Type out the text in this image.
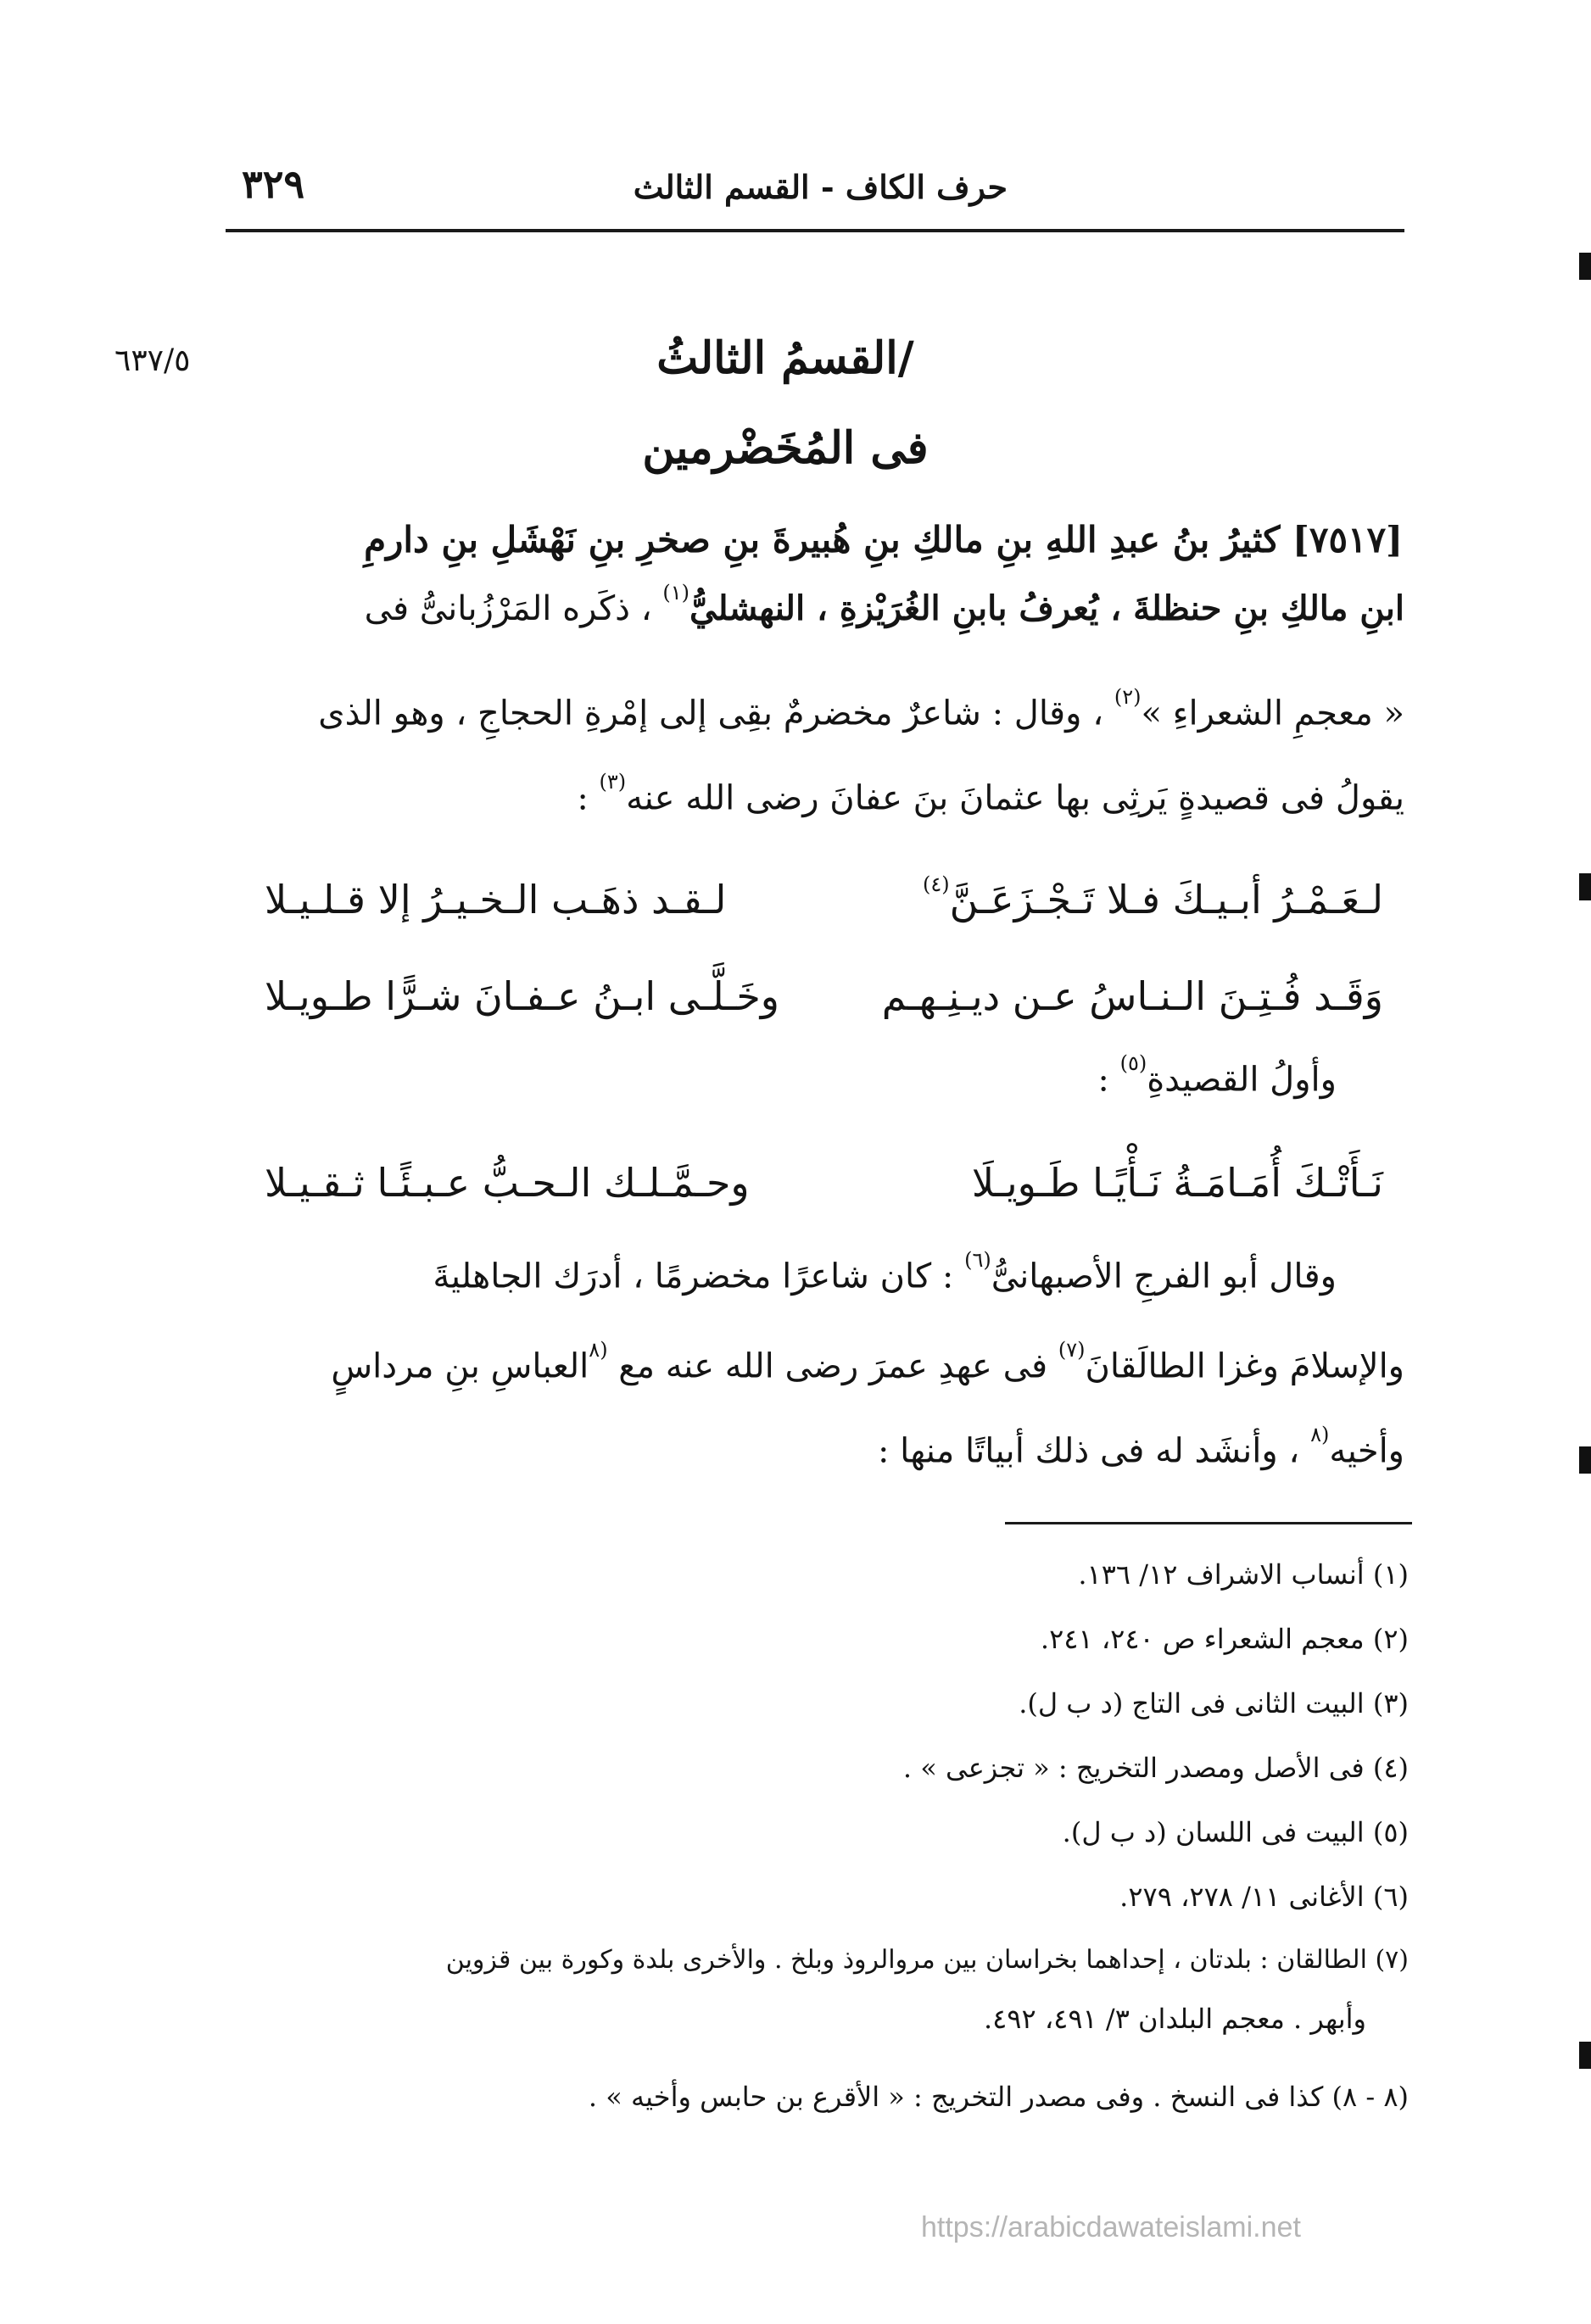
حرف الكاف - القسم الثالث
٣٢٩
٦٣٧/٥	/القسمُ الثالثُ
فى المُخَضْرمين
[٧٥١٧] كثيرُ بنُ عبدِ اللهِ بنِ مالكِ بنِ هُبيرةَ بنِ صخرِ بنِ نَهْشَلِ بنِ دارمِ
ابنِ مالكِ بنِ حنظلةَ ، يُعرفُ بابنِ الغُرَيْزةِ ، النهشليُّ$^{(١)}$ ، ذكَره المَرْزُبانىُّ فى
« معجمِ الشعراءِ »$^{(٢)}$ ، وقال : شاعرٌ مخضرمٌ بقِى إلى إمْرةِ الحجاجِ ، وهو الذى
يقولُ فى قصيدةٍ يَرثِى بها عثمانَ بنَ عفانَ رضى الله عنه$^{(٣)}$ :
لـعَـمْـرُ أبـيـكَ فـلا تَـجْـزَعَـنَّ$^{(٤)}$
لـقـد ذهَـب الـخـيـرُ إلا قـلـيـلا
وَقَـد فُـتِـنَ الـنـاسُ عـن ديـنِـهـم
وخَـلَّـى ابـنُ عـفـانَ شـرًّا طـويـلا
وأولُ القصيدةِ$^{(٥)}$ :
نَـأَتْـكَ أُمَـامَـةُ نَـأْيًـا طَـويـلَا
وحـمَّـلـك الـحـبُّ عـبـئًـا ثـقـيـلا
وقال أبو الفرجِ الأصبهانىُّ$^{(٦)}$ : كان شاعرًا مخضرمًا ، أدرَك الجاهليةَ
والإسلامَ وغزا الطالَقانَ$^{(٧)}$ فى عهدِ عمرَ رضى الله عنه مع $^{(٨}$العباسِ بنِ مرداسٍ
وأخيه$^{(٨}$ ، وأنشَد له فى ذلك أبياتًا منها :
(١) أنساب الاشراف ١٢/ ١٣٦.
(٢) معجم الشعراء ص ٢٤٠، ٢٤١.
(٣) البيت الثانى فى التاج (د ب ل).
(٤) فى الأصل ومصدر التخريج : « تجزعى » .
(٥) البيت فى اللسان (د ب ل).
(٦) الأغانى ١١/ ٢٧٨، ٢٧٩.
(٧) الطالقان : بلدتان ، إحداهما بخراسان بين مروالروذ وبلخ . والأخرى بلدة وكورة بين قزوين
وأبهر . معجم البلدان ٣/ ٤٩١، ٤٩٢.
(٨ - ٨) كذا فى النسخ . وفى مصدر التخريج : « الأقرع بن حابس وأخيه » .
https://arabicdawateislami.net
